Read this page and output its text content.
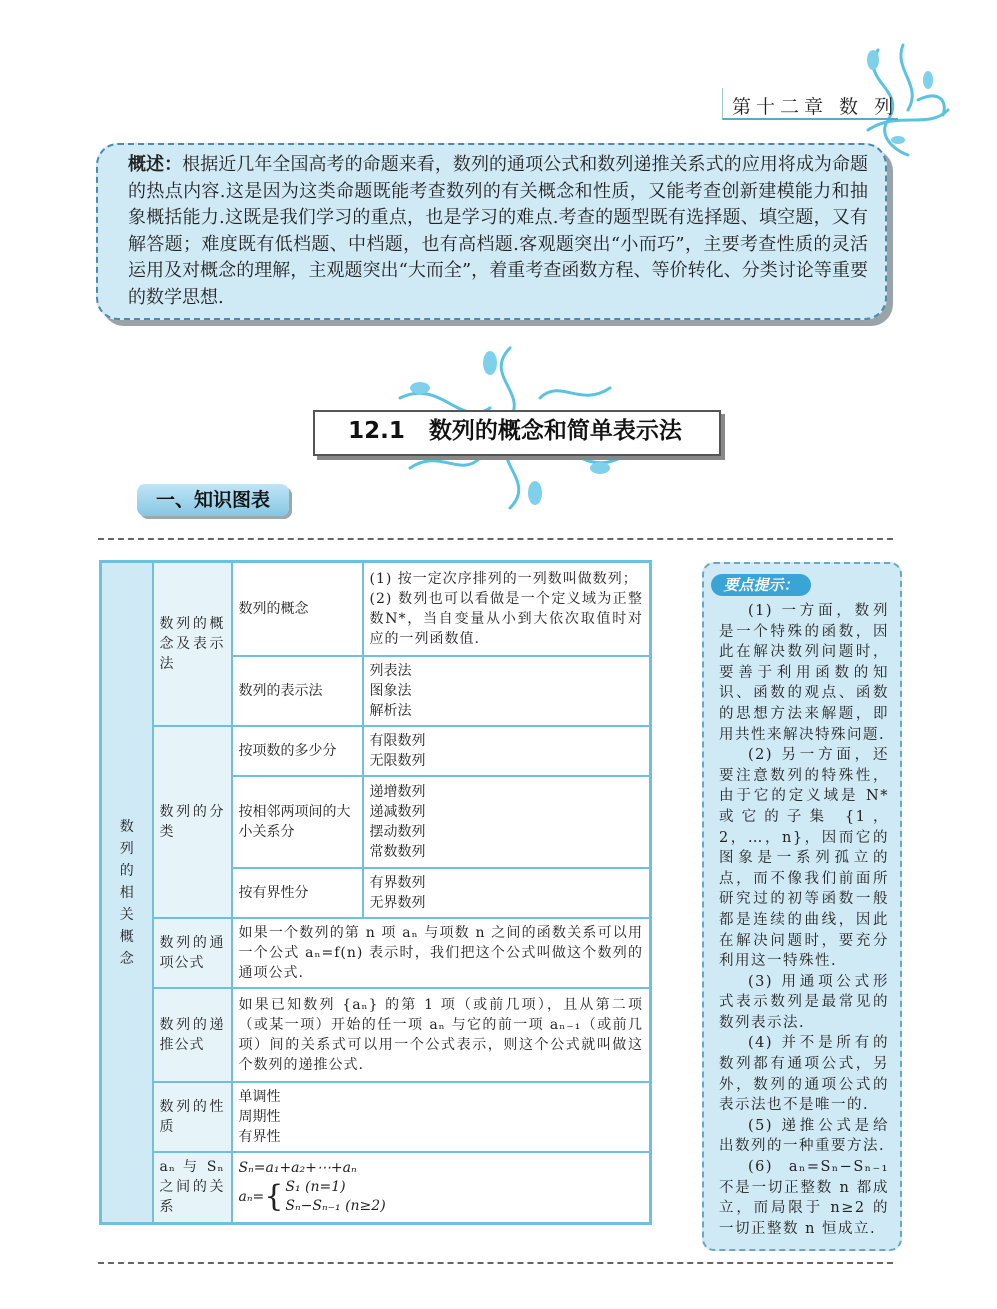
第十二章 数 列
概述：根据近几年全国高考的命题来看，数列的通项公式和数列递推关系式的应用将成为命题的热点内容.这是因为这类命题既能考查数列的有关概念和性质，又能考查创新建模能力和抽象概括能力.这既是我们学习的重点，也是学习的难点.考查的题型既有选择题、填空题，又有解答题；难度既有低档题、中档题，也有高档题.客观题突出“小而巧”，主要考查性质的灵活运用及对概念的理解，主观题突出“大而全”，着重考查函数方程、等价转化、分类讨论等重要的数学思想.
12.1 数列的概念和简单表示法
一、知识图表
数列的相关概念	数列的概念及表示法	数列的概念	(1) 按一定次序排列的一列数叫做数列；
(2) 数列也可以看做是一个定义域为正整数N*，当自变量从小到大依次取值时对应的一列函数值.

		数列的表示法	列表法
图象法
解析法

	数列的分类	按项数的多少分	有限数列
无限数列

		按相邻两项间的大小关系分	递增数列
递减数列
摆动数列
常数数列

		按有界性分	有界数列
无界数列

	数列的通项公式	如果一个数列的第 n 项 aₙ 与项数 n 之间的函数关系可以用一个公式 aₙ=f(n) 表示时，我们把这个公式叫做这个数列的通项公式.	
	数列的递推公式	如果已知数列 {aₙ} 的第 1 项（或前几项），且从第二项（或某一项）开始的任一项 aₙ 与它的前一项 aₙ₋₁（或前几项）间的关系式可以用一个公式表示，则这个公式就叫做这个数列的递推公式.	
	数列的性质	单调性
周期性
有界性	

	aₙ 与 Sₙ 之间的关系	Sₙ=a₁+a₂+⋯+aₙ
aₙ= { S₁ (n=1)
Sₙ−Sₙ₋₁ (n≥2)	
要点提示：

(1) 一方面，数列是一个特殊的函数，因此在解决数列问题时，要善于利用函数的知识、函数的观点、函数的思想方法来解题，即用共性来解决特殊问题.

(2) 另一方面，还要注意数列的特殊性，由于它的定义域是 N* 或它的子集 {1，2，…，n}，因而它的图象是一系列孤立的点，而不像我们前面所研究过的初等函数一般都是连续的曲线，因此在解决问题时，要充分利用这一特殊性.

(3) 用通项公式形式表示数列是最常见的数列表示法.

(4) 并不是所有的数列都有通项公式，另外，数列的通项公式的表示法也不是唯一的.

(5) 递推公式是给出数列的一种重要方法.

(6) aₙ=Sₙ−Sₙ₋₁ 不是一切正整数 n 都成立，而局限于 n≥2 的一切正整数 n 恒成立.
